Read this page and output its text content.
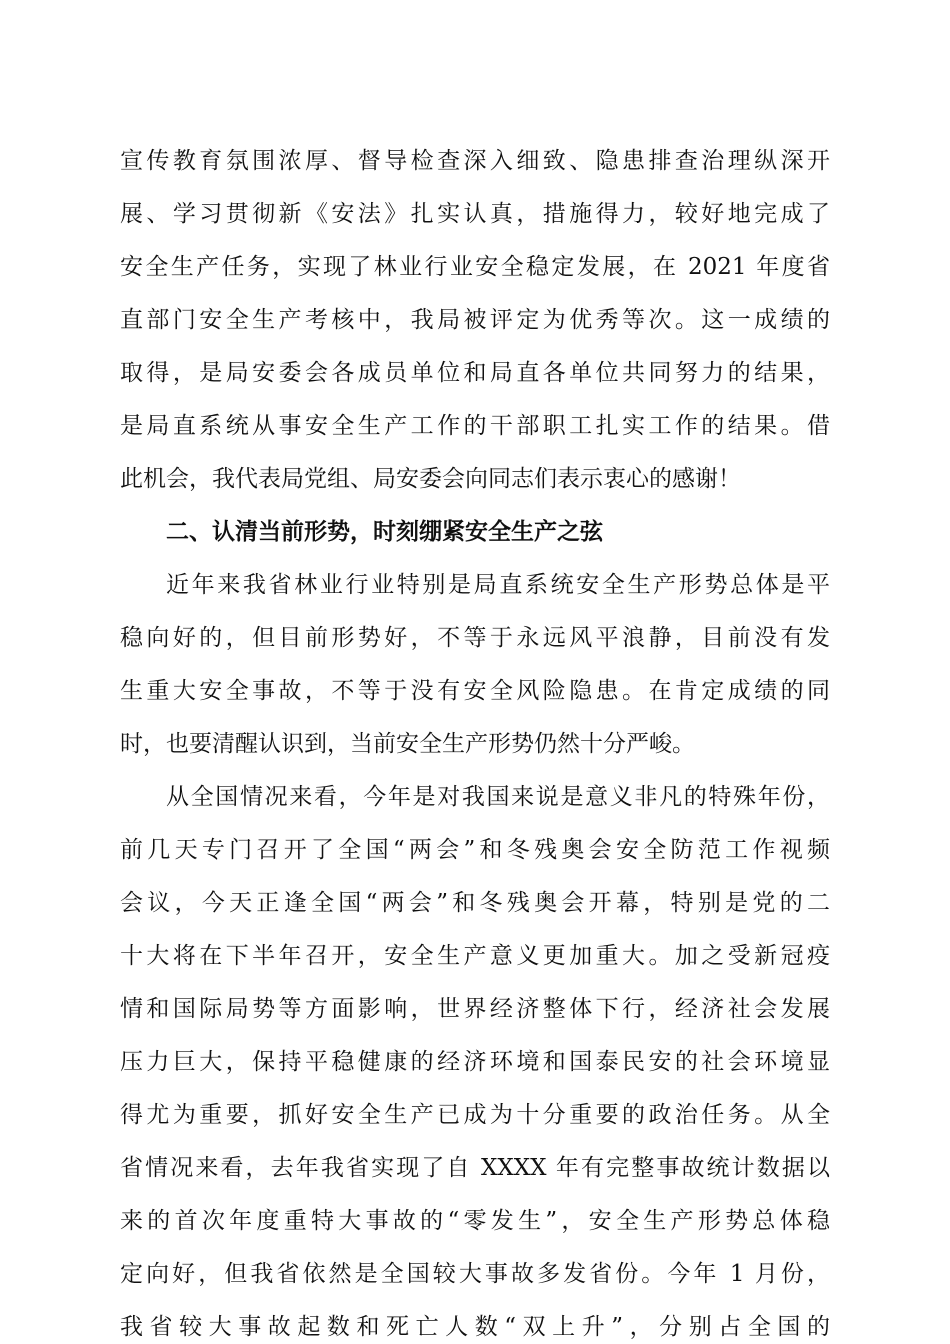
宣传教育氛围浓厚、督导检查深入细致、隐患排查治理纵深开

展、学习贯彻新《安法》扎实认真，措施得力，较好地完成了

安全生产任务，实现了林业行业安全稳定发展，在 2021 年度省

直部门安全生产考核中，我局被评定为优秀等次。这一成绩的

取得，是局安委会各成员单位和局直各单位共同努力的结果，

是局直系统从事安全生产工作的干部职工扎实工作的结果。借

此机会，我代表局党组、局安委会向同志们表示衷心的感谢！

二、认清当前形势，时刻绷紧安全生产之弦

近年来我省林业行业特别是局直系统安全生产形势总体是平

稳向好的，但目前形势好，不等于永远风平浪静，目前没有发

生重大安全事故，不等于没有安全风险隐患。在肯定成绩的同

时，也要清醒认识到，当前安全生产形势仍然十分严峻。

从全国情况来看，今年是对我国来说是意义非凡的特殊年份，

前几天专门召开了全国“两会”和冬残奥会安全防范工作视频

会议，今天正逢全国“两会”和冬残奥会开幕，特别是党的二

十大将在下半年召开，安全生产意义更加重大。加之受新冠疫

情和国际局势等方面影响，世界经济整体下行，经济社会发展

压力巨大，保持平稳健康的经济环境和国泰民安的社会环境显

得尤为重要，抓好安全生产已成为十分重要的政治任务。从全

省情况来看，去年我省实现了自 XXXX 年有完整事故统计数据以

来的首次年度重特大事故的“零发生”，安全生产形势总体稳

定向好，但我省依然是全国较大事故多发省份。今年 1 月份，

我省较大事故起数和死亡人数“双上升”，分别占全国的
